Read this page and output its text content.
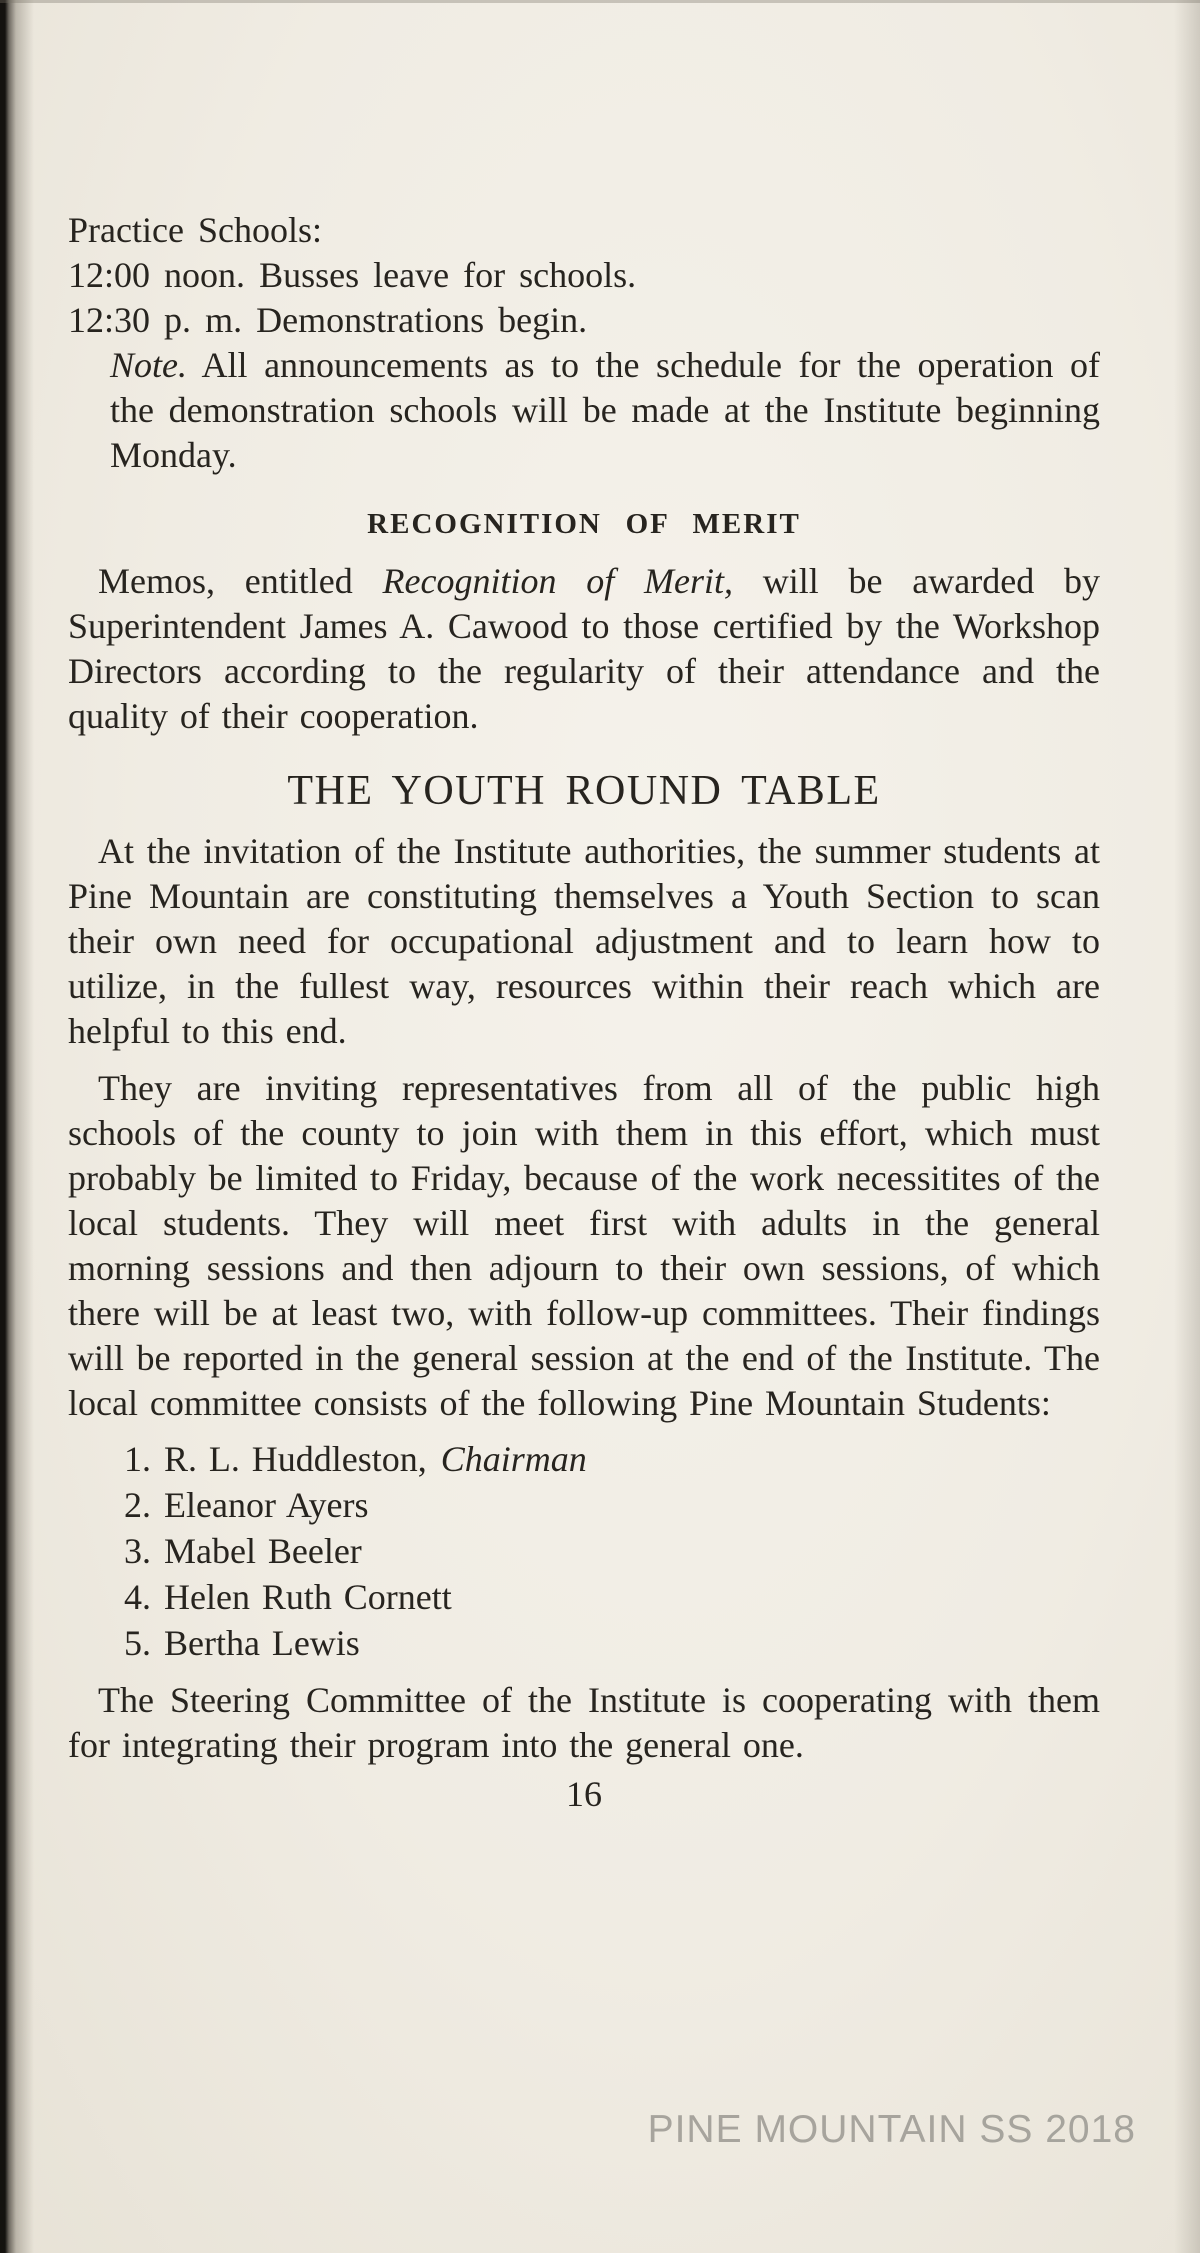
Practice Schools:
12:00 noon. Busses leave for schools.
12:30 p. m. Demonstrations begin.

Note. All announcements as to the schedule for the operation of the demonstration schools will be made at the Institute beginning Monday.

RECOGNITION OF MERIT

Memos, entitled Recognition of Merit, will be awarded by Superintendent James A. Cawood to those certified by the Workshop Directors according to the regularity of their attendance and the quality of their cooperation.

THE YOUTH ROUND TABLE

At the invitation of the Institute authorities, the summer students at Pine Mountain are constituting themselves a Youth Section to scan their own need for occupational adjustment and to learn how to utilize, in the fullest way, resources within their reach which are helpful to this end.

They are inviting representatives from all of the public high schools of the county to join with them in this effort, which must probably be limited to Friday, because of the work necessitites of the local students. They will meet first with adults in the general morning sessions and then adjourn to their own sessions, of which there will be at least two, with follow-up committees. Their findings will be reported in the general session at the end of the Institute. The local committee consists of the following Pine Mountain Students:

1. R. L. Huddleston, Chairman
2. Eleanor Ayers
3. Mabel Beeler
4. Helen Ruth Cornett
5. Bertha Lewis

The Steering Committee of the Institute is cooperating with them for integrating their program into the general one.

16
PINE MOUNTAIN SS 2018
